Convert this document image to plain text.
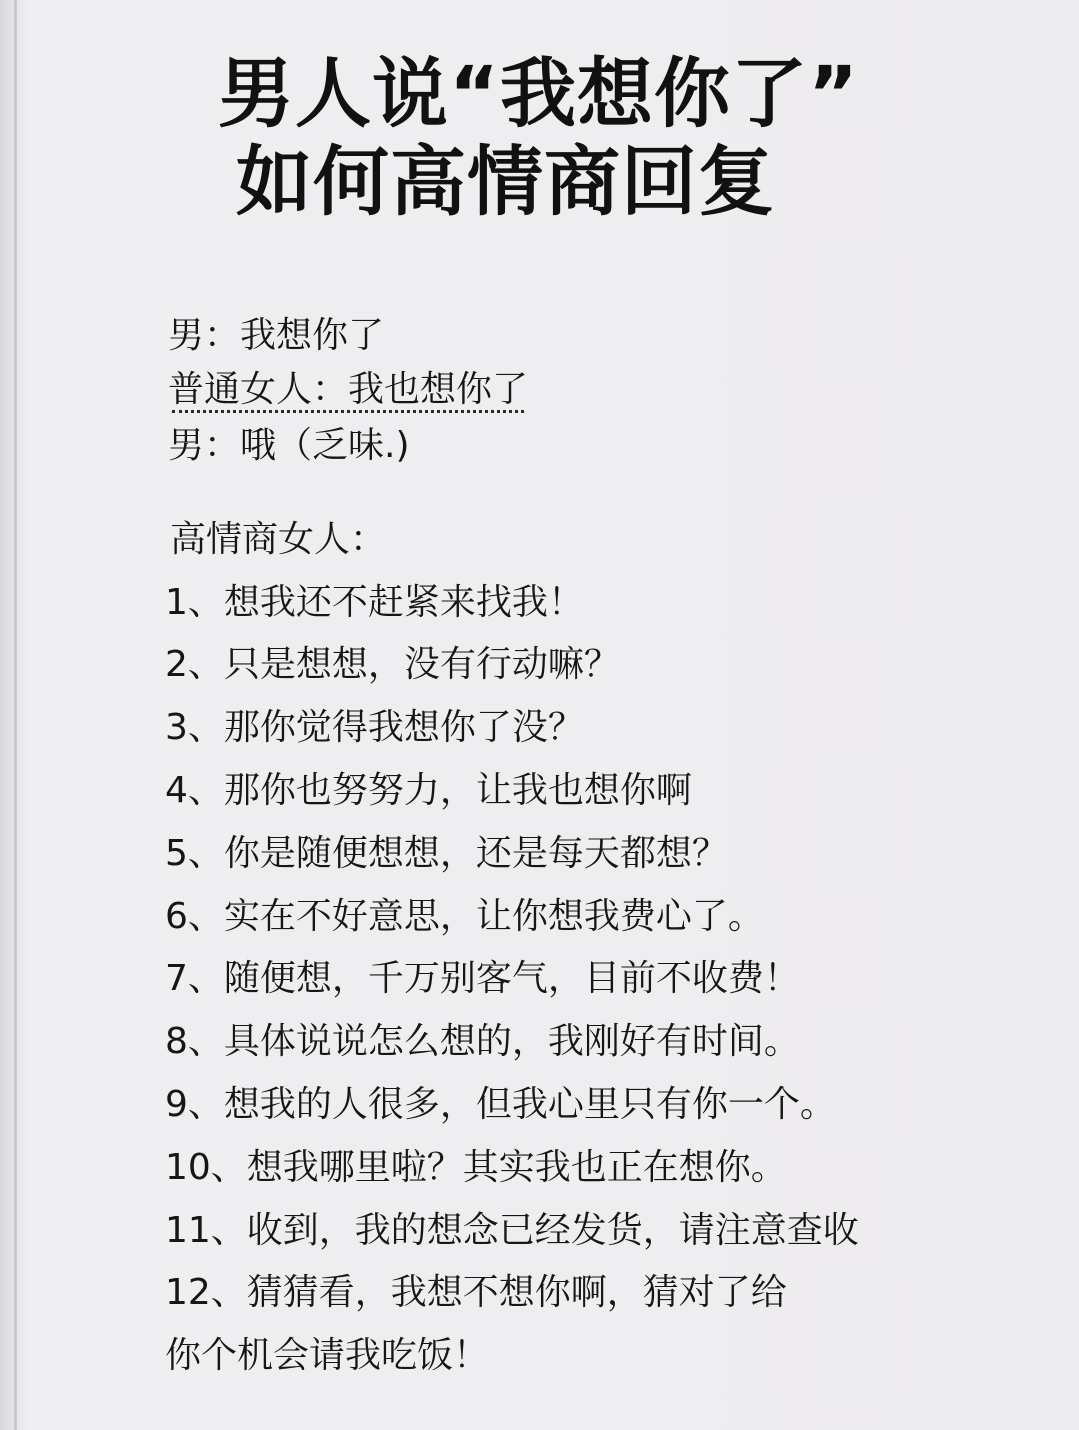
男人说“我想你了”
如何高情商回复
男：我想你了
普通女人：我也想你了
男：哦（乏味.)
高情商女人：
1、想我还不赶紧来找我！
2、只是想想，没有行动嘛？
3、那你觉得我想你了没？
4、那你也努努力，让我也想你啊
5、你是随便想想，还是每天都想？
6、实在不好意思，让你想我费心了。
7、随便想，千万别客气，目前不收费！
8、具体说说怎么想的，我刚好有时间。
9、想我的人很多，但我心里只有你一个。
10、想我哪里啦？其实我也正在想你。
11、收到，我的想念已经发货，请注意查收
12、猜猜看，我想不想你啊，猜对了给
你个机会请我吃饭！
